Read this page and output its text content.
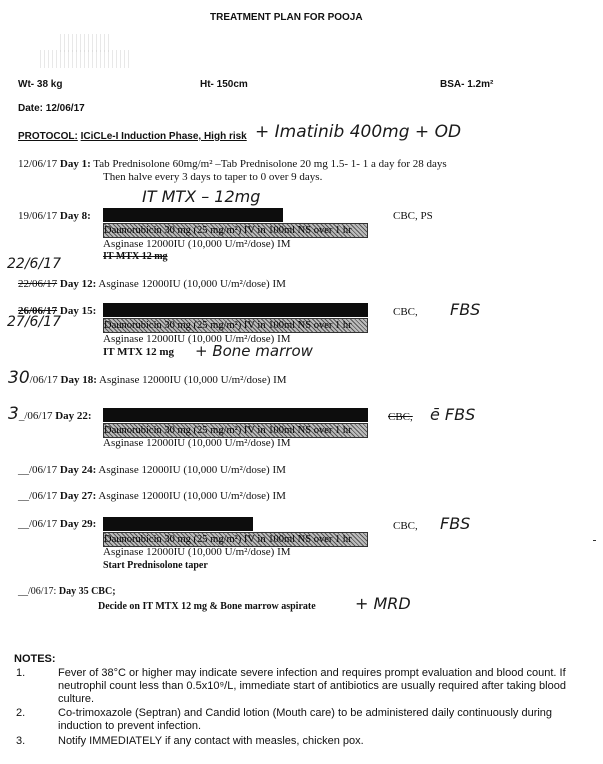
TREATMENT PLAN FOR POOJA
Wt- 38 kg	Ht- 150cm	BSA- 1.2m²
Date: 12/06/17
PROTOCOL: ICiCLe-I Induction Phase, High risk + Imatinib 400mg + OD
12/06/17 Day 1: Tab Prednisolone 60mg/m² –Tab Prednisolone 20 mg 1.5- 1- 1 a day for 28 days
Then halve every 3 days to taper to 0 over 9 days.
IT MTX – 12mg
19/06/17 Day 8:
Daunorubicin 30 mg (25 mg/m²) IV in 100ml NS over 1 hr
Asginase 12000IU (10,000 U/m²/dose) IM
IT MTX 12 mg
CBC, PS
22/6/17
22/06/17 Day 12: Asginase 12000IU (10,000 U/m²/dose) IM
26/06/17 Day 15:
27/6/17	Daunorubicin 30 mg (25 mg/m²) IV in 100ml NS over 1 hr
Asginase 12000IU (10,000 U/m²/dose) IM
IT MTX 12 mg + Bone marrow
CBC, FBS
30/06/17 Day 18: Asginase 12000IU (10,000 U/m²/dose) IM
3_/06/17 Day 22:
Daunorubicin 30 mg (25 mg/m²) IV in 100ml NS over 1 hr
Asginase 12000IU (10,000 U/m²/dose) IM
CBC, ē FBS
__/06/17 Day 24: Asginase 12000IU (10,000 U/m²/dose) IM
__/06/17 Day 27: Asginase 12000IU (10,000 U/m²/dose) IM
__/06/17 Day 29:
Daunorubicin 30 mg (25 mg/m²) IV in 100ml NS over 1 hr
Asginase 12000IU (10,000 U/m²/dose) IM
Start Prednisolone taper
CBC, FBS
__/06/17: Day 35 CBC;
Decide on IT MTX 12 mg & Bone marrow aspirate + MRD
NOTES:
1.	Fever of 38°C or higher may indicate severe infection and requires prompt evaluation and blood count. If neutrophil count less than 0.5x10⁹/L, immediate start of antibiotics are usually required after taking blood culture.
2.	Co-trimoxazole (Septran) and Candid lotion (Mouth care) to be administered daily continuously during induction to prevent infection.
3.	Notify IMMEDIATELY if any contact with measles, chicken pox.
